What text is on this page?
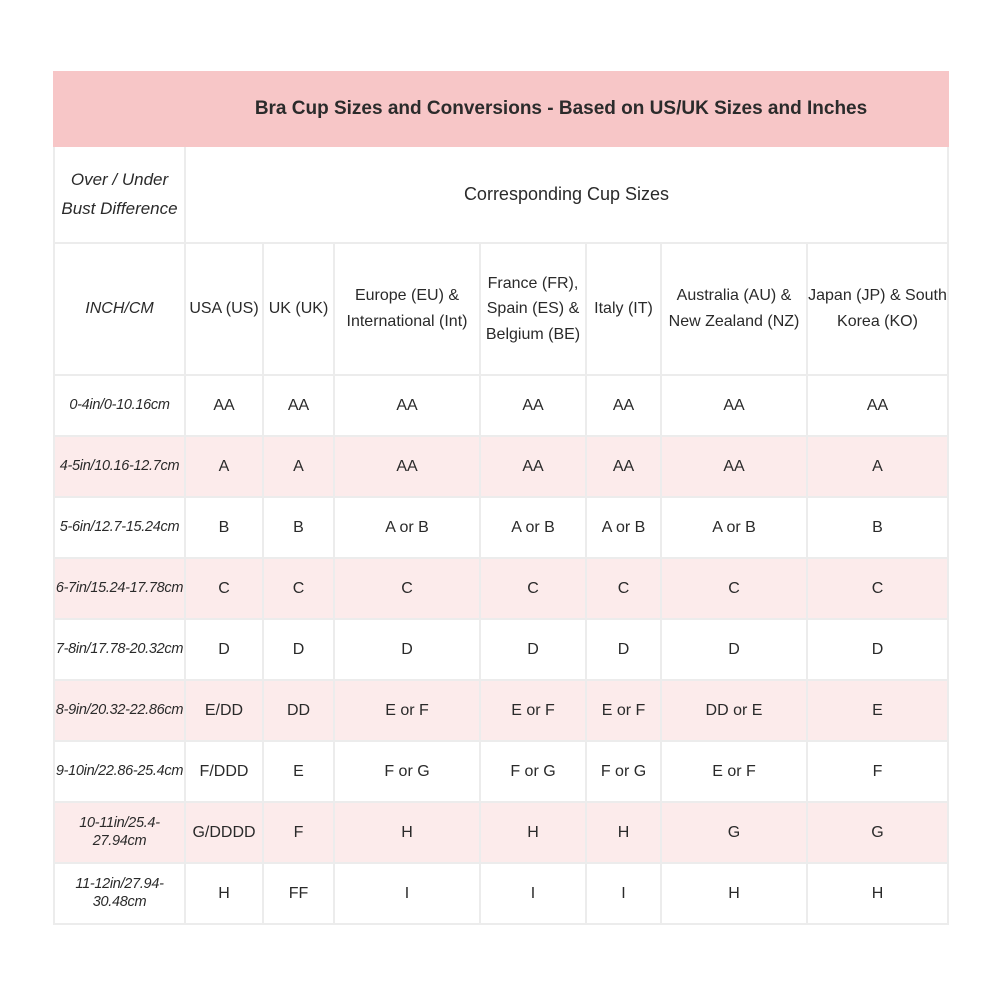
Bra Cup Sizes and Conversions - Based on US/UK Sizes and Inches							
Over / Under Bust Difference	Corresponding Cup Sizes						
INCH/CM	USA (US)	UK (UK)	Europe (EU) & International (Int)	France (FR), Spain (ES) & Belgium (BE)	Italy (IT)	Australia (AU) & New Zealand (NZ)	Japan (JP) & South Korea (KO)
0-4in/0-10.16cm	AA	AA	AA	AA	AA	AA	AA
4-5in/10.16-12.7cm	A	A	AA	AA	AA	AA	A
5-6in/12.7-15.24cm	B	B	A or B	A or B	A or B	A or B	B
6-7in/15.24-17.78cm	C	C	C	C	C	C	C
7-8in/17.78-20.32cm	D	D	D	D	D	D	D
8-9in/20.32-22.86cm	E/DD	DD	E or F	E or F	E or F	DD or E	E
9-10in/22.86-25.4cm	F/DDD	E	F or G	F or G	F or G	E or F	F
10-11in/25.4-27.94cm	G/DDDD	F	H	H	H	G	G
11-12in/27.94-30.48cm	H	FF	I	I	I	H	H
